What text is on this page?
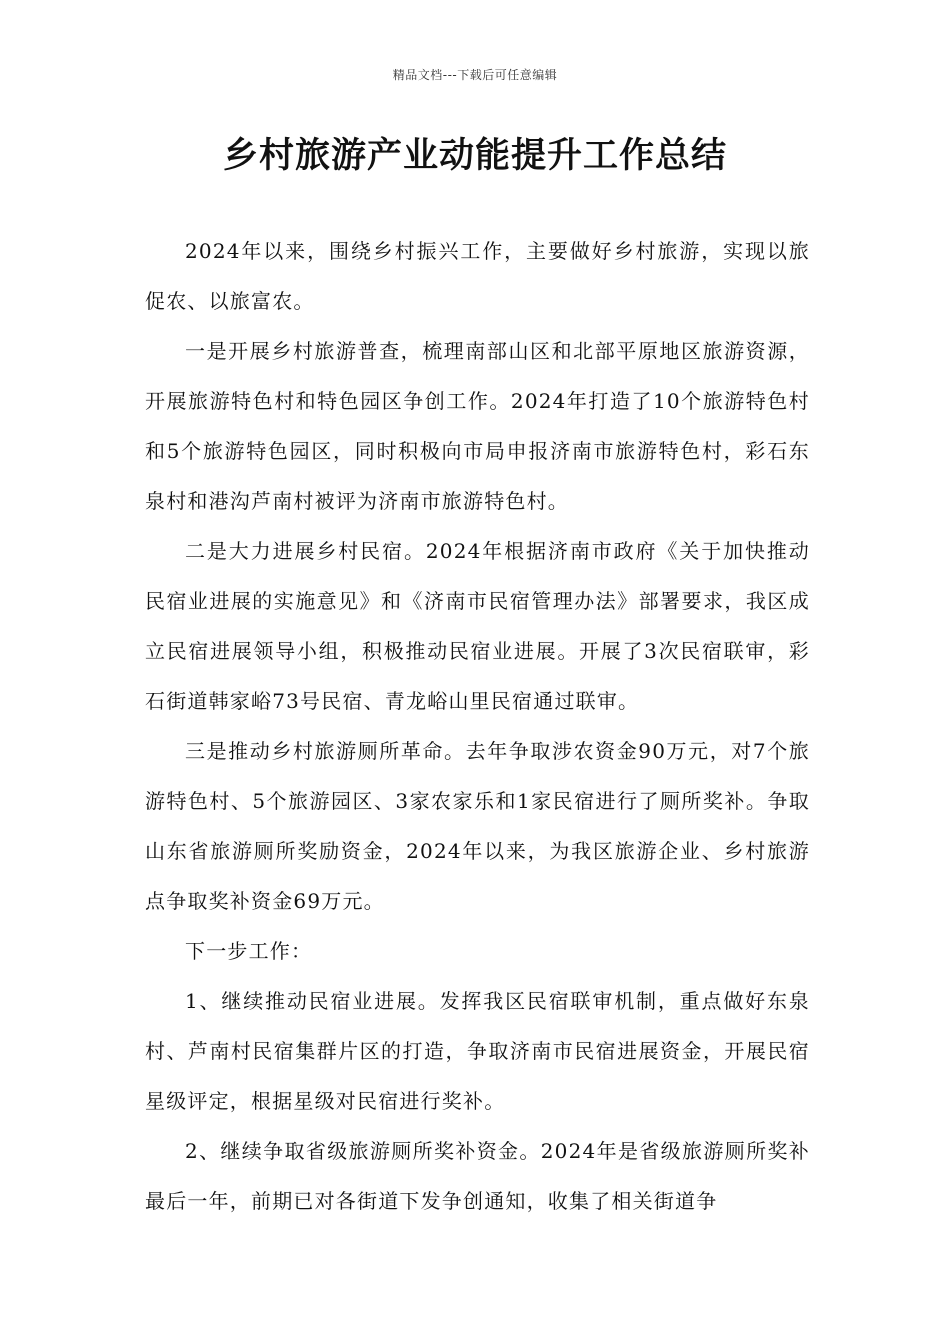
精品文档---下载后可任意编辑
乡村旅游产业动能提升工作总结

2024年以来，围绕乡村振兴工作，主要做好乡村旅游，实现以旅促农、以旅富农。

一是开展乡村旅游普查，梳理南部山区和北部平原地区旅游资源，开展旅游特色村和特色园区争创工作。2024年打造了10个旅游特色村和5个旅游特色园区，同时积极向市局申报济南市旅游特色村，彩石东泉村和港沟芦南村被评为济南市旅游特色村。

二是大力进展乡村民宿。2024年根据济南市政府《关于加快推动民宿业进展的实施意见》和《济南市民宿管理办法》部署要求，我区成立民宿进展领导小组，积极推动民宿业进展。开展了3次民宿联审，彩石街道韩家峪73号民宿、青龙峪山里民宿通过联审。

三是推动乡村旅游厕所革命。去年争取涉农资金90万元，对7个旅游特色村、5个旅游园区、3家农家乐和1家民宿进行了厕所奖补。争取山东省旅游厕所奖励资金，2024年以来，为我区旅游企业、乡村旅游点争取奖补资金69万元。

下一步工作：

1、继续推动民宿业进展。发挥我区民宿联审机制，重点做好东泉村、芦南村民宿集群片区的打造，争取济南市民宿进展资金，开展民宿星级评定，根据星级对民宿进行奖补。

2、继续争取省级旅游厕所奖补资金。2024年是省级旅游厕所奖补最后一年，前期已对各街道下发争创通知，收集了相关街道争
